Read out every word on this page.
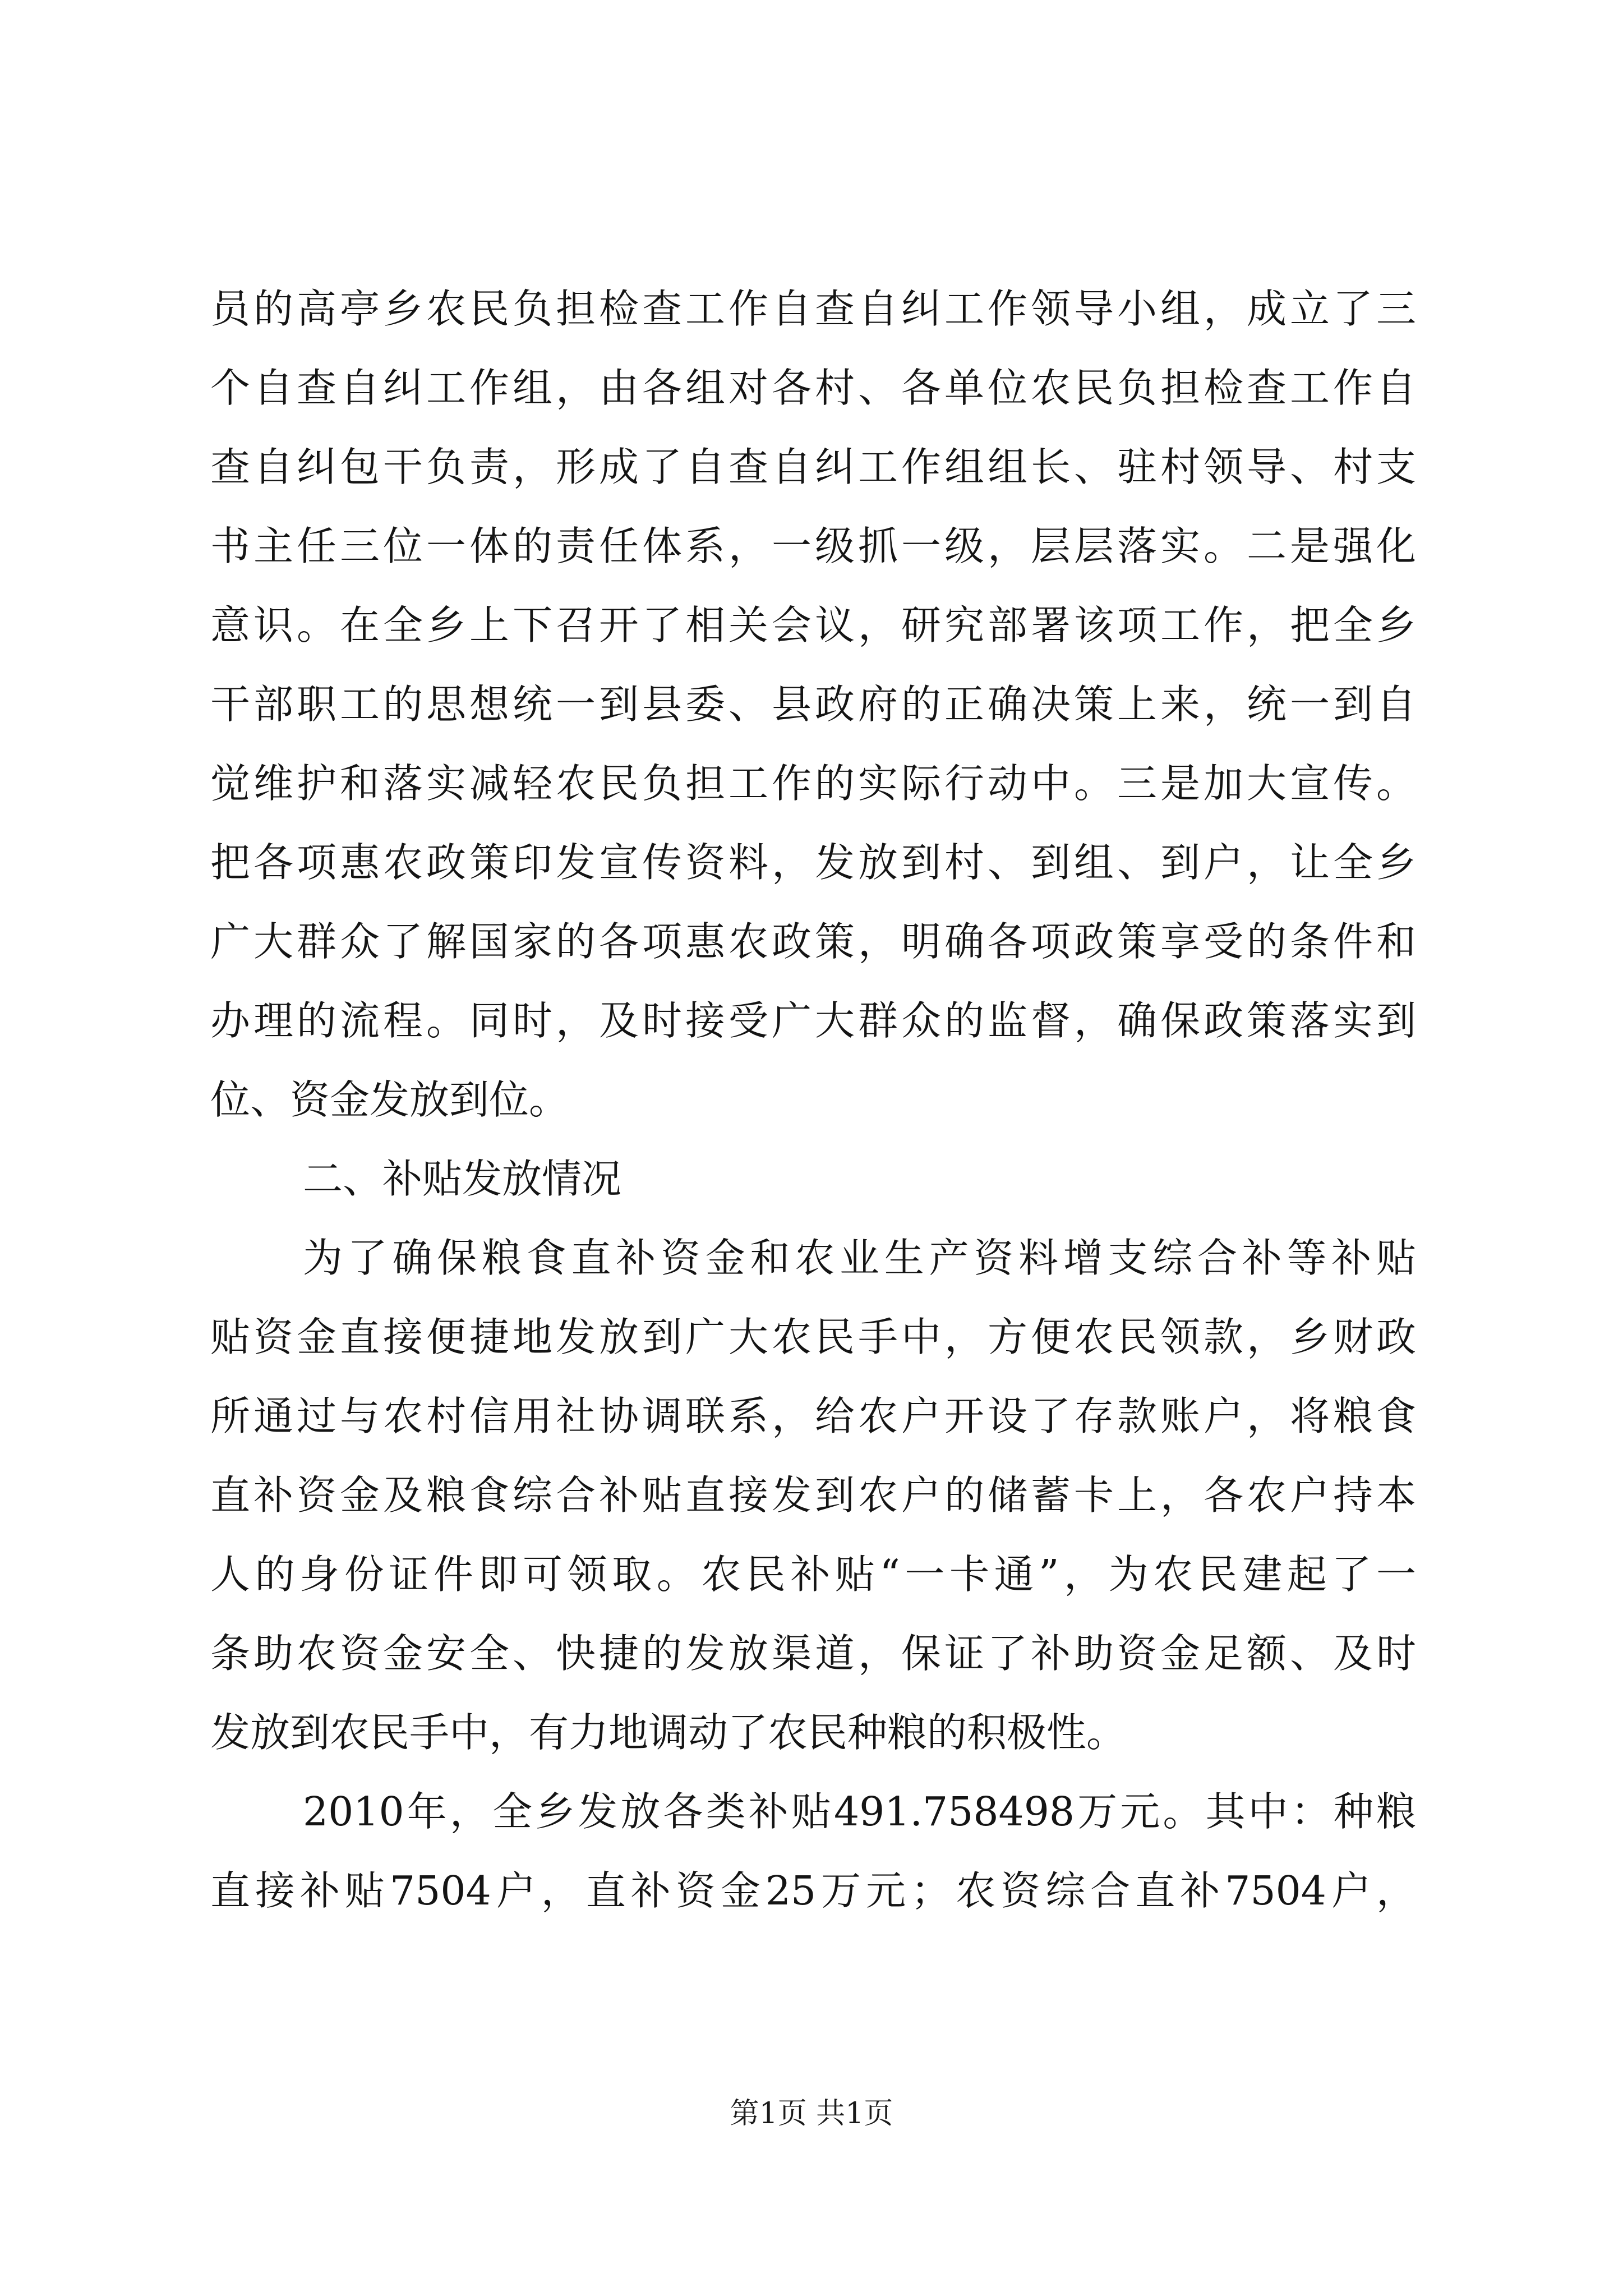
员的高亭乡农民负担检查工作自查自纠工作领导小组，成立了三
个自查自纠工作组，由各组对各村、各单位农民负担检查工作自
查自纠包干负责，形成了自查自纠工作组组长、驻村领导、村支
书主任三位一体的责任体系，一级抓一级，层层落实。二是强化
意识。在全乡上下召开了相关会议，研究部署该项工作，把全乡
干部职工的思想统一到县委、县政府的正确决策上来，统一到自
觉维护和落实减轻农民负担工作的实际行动中。三是加大宣传。
把各项惠农政策印发宣传资料，发放到村、到组、到户，让全乡
广大群众了解国家的各项惠农政策，明确各项政策享受的条件和
办理的流程。同时，及时接受广大群众的监督，确保政策落实到
位、资金发放到位。
二、补贴发放情况
为了确保粮食直补资金和农业生产资料增支综合补等补贴
贴资金直接便捷地发放到广大农民手中，方便农民领款，乡财政
所通过与农村信用社协调联系，给农户开设了存款账户，将粮食
直补资金及粮食综合补贴直接发到农户的储蓄卡上，各农户持本
人的身份证件即可领取。农民补贴“一卡通”，为农民建起了一
条助农资金安全、快捷的发放渠道，保证了补助资金足额、及时
发放到农民手中，有力地调动了农民种粮的积极性。
2010年，全乡发放各类补贴491.758498万元。其中：种粮
直接补贴7504户，直补资金25万元；农资综合直补7504户，
第1页 共1页
